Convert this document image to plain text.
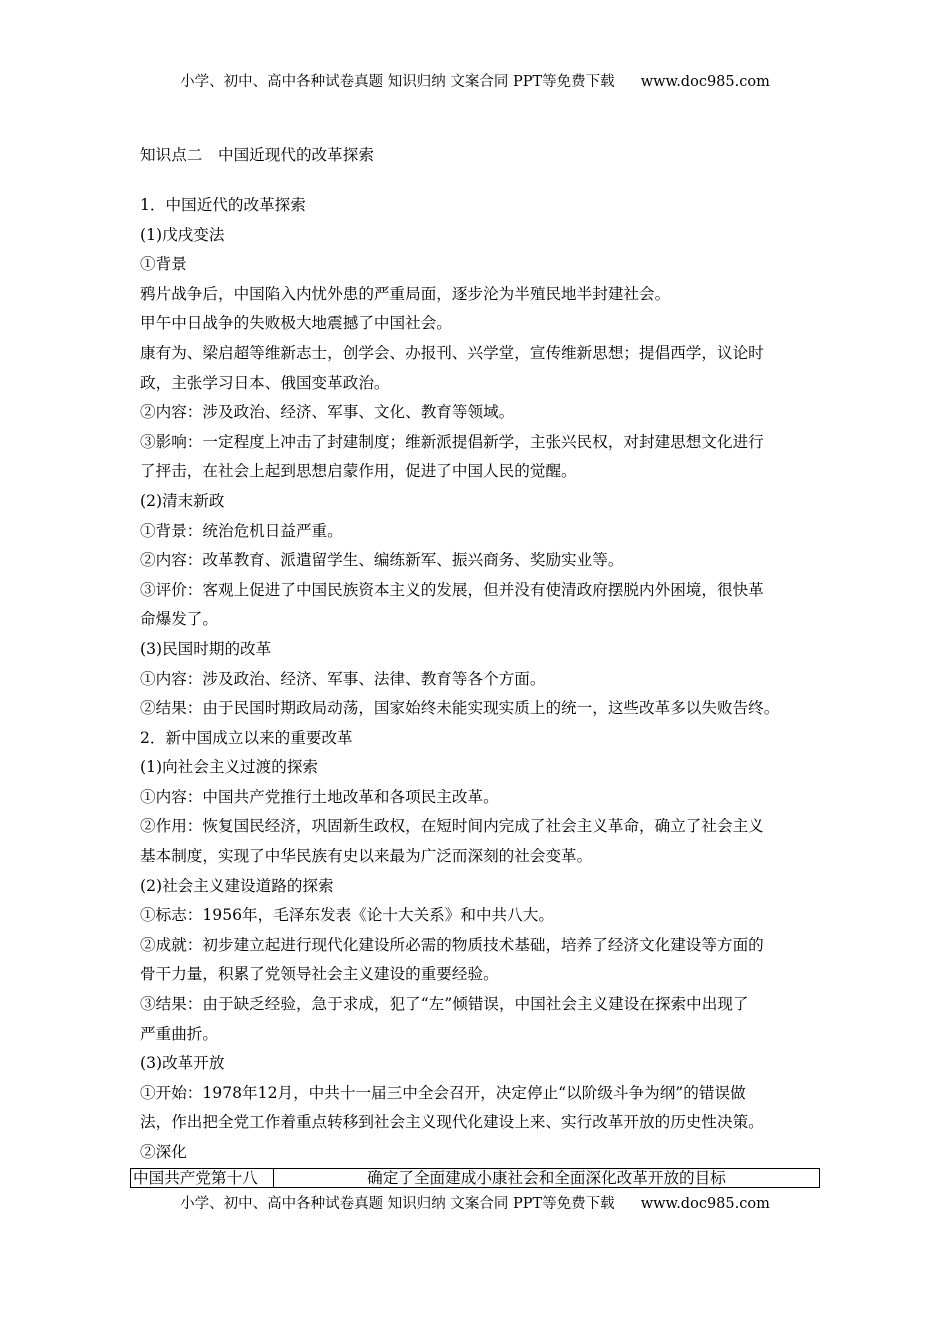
小学、初中、高中各种试卷真题 知识归纳 文案合同 PPT等免费下载 www.doc985.com
知识点二　中国近现代的改革探索
1．中国近代的改革探索
(1)戊戌变法
①背景
鸦片战争后，中国陷入内忧外患的严重局面，逐步沦为半殖民地半封建社会。
甲午中日战争的失败极大地震撼了中国社会。
康有为、梁启超等维新志士，创学会、办报刊、兴学堂，宣传维新思想；提倡西学，议论时
政，主张学习日本、俄国变革政治。
②内容：涉及政治、经济、军事、文化、教育等领域。
③影响：一定程度上冲击了封建制度；维新派提倡新学，主张兴民权，对封建思想文化进行
了抨击，在社会上起到思想启蒙作用，促进了中国人民的觉醒。
(2)清末新政
①背景：统治危机日益严重。
②内容：改革教育、派遣留学生、编练新军、振兴商务、奖励实业等。
③评价：客观上促进了中国民族资本主义的发展，但并没有使清政府摆脱内外困境，很快革
命爆发了。
(3)民国时期的改革
①内容：涉及政治、经济、军事、法律、教育等各个方面。
②结果：由于民国时期政局动荡，国家始终未能实现实质上的统一，这些改革多以失败告终。
2．新中国成立以来的重要改革
(1)向社会主义过渡的探索
①内容：中国共产党推行土地改革和各项民主改革。
②作用：恢复国民经济，巩固新生政权，在短时间内完成了社会主义革命，确立了社会主义
基本制度，实现了中华民族有史以来最为广泛而深刻的社会变革。
(2)社会主义建设道路的探索
①标志：1956年，毛泽东发表《论十大关系》和中共八大。
②成就：初步建立起进行现代化建设所必需的物质技术基础，培养了经济文化建设等方面的
骨干力量，积累了党领导社会主义建设的重要经验。
③结果：由于缺乏经验，急于求成，犯了“左”倾错误，中国社会主义建设在探索中出现了
严重曲折。
(3)改革开放
①开始：1978年12月，中共十一届三中全会召开，决定停止“以阶级斗争为纲”的错误做
法，作出把全党工作着重点转移到社会主义现代化建设上来、实行改革开放的历史性决策。
②深化
中国共产党第十八	确定了全面建成小康社会和全面深化改革开放的目标
小学、初中、高中各种试卷真题 知识归纳 文案合同 PPT等免费下载 www.doc985.com
